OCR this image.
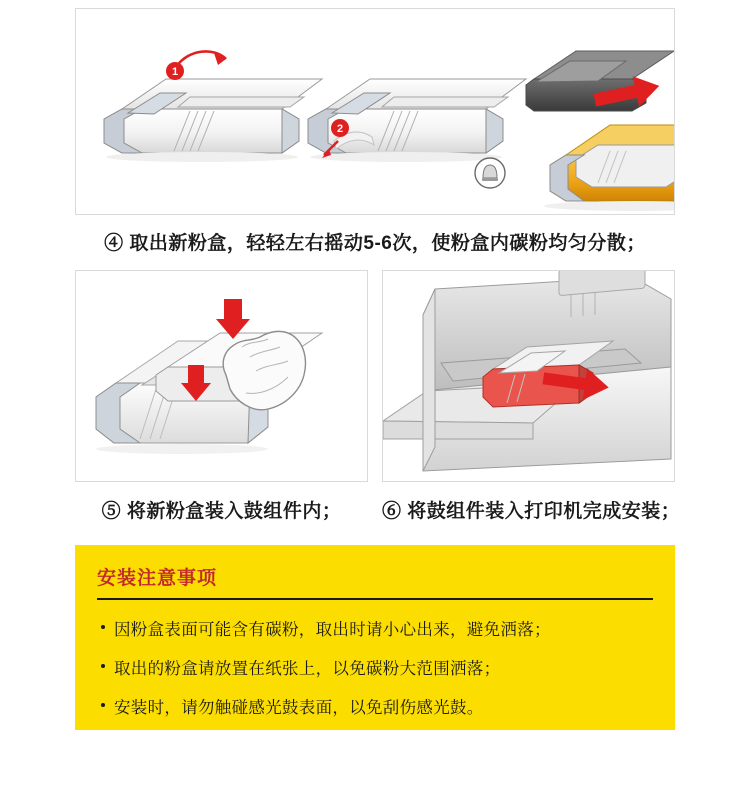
1
2
④ 取出新粉盒，轻轻左右摇动5-6次，使粉盒内碳粉均匀分散；
⑤ 将新粉盒装入鼓组件内；	⑥ 将鼓组件装入打印机完成安装；
安装注意事项
因粉盒表面可能含有碳粉，取出时请小心出来，避免洒落；
取出的粉盒请放置在纸张上，以免碳粉大范围洒落；
安装时，请勿触碰感光鼓表面，以免刮伤感光鼓。
